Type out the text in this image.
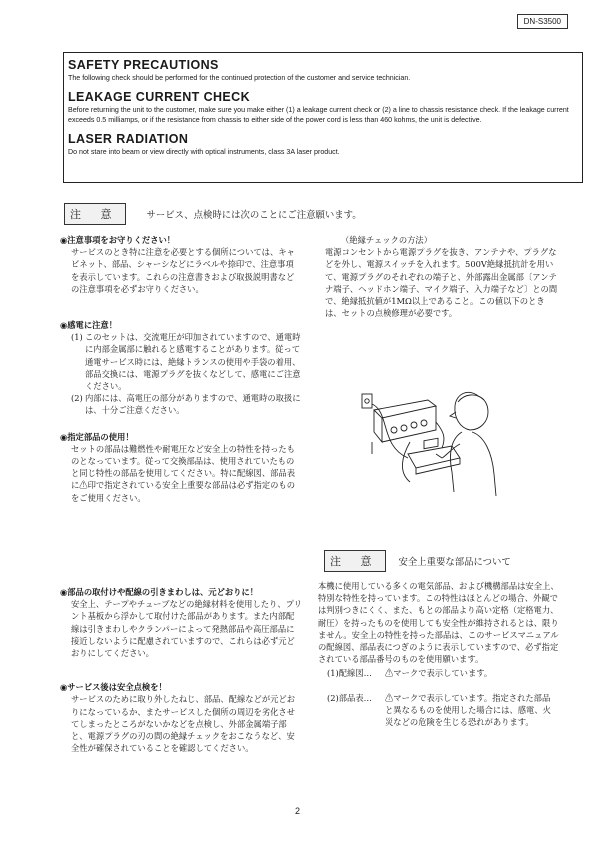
DN-S3500
SAFETY PRECAUTIONS

The following check should be performed for the continued protection of the customer and service technician.

LEAKAGE CURRENT CHECK

Before returning the unit to the customer, make sure you make either (1) a leakage current check or (2) a line to chassis resistance check. If the leakage current exceeds 0.5 milliamps, or if the resistance from chassis to either side of the power cord is less than 460 kohms, the unit is defective.

LASER RADIATION

Do not stare into beam or view directly with optical instruments, class 3A laser product.

注 意	サービス、点検時には次のことにご注意願います。
◉注意事項をお守りください！
サービスのとき特に注意を必要とする個所については、キャビネット、部品、シャーシなどにラベルや捺印で、注意事項を表示しています。これらの注意書きおよび取扱説明書などの注意事項を必ずお守りください。
◉感電に注意！
(1) このセットは、交流電圧が印加されていますので、通電時に内部金属部に触れると感電することがあります。従って通電サービス時には、絶縁トランスの使用や手袋の着用、部品交換には、電源プラグを抜くなどして、感電にご注意ください。
(2) 内部には、高電圧の部分がありますので、通電時の取扱には、十分ご注意ください。
◉指定部品の使用！
セットの部品は難燃性や耐電圧など安全上の特性を持ったものとなっています。従って交換部品は、使用されていたものと同じ特性の部品を使用してください。特に配線図、部品表に⚠印で指定されている安全上重要な部品は必ず指定のものをご使用ください。
◉部品の取付けや配線の引きまわしは、元どおりに！
安全上、テープやチューブなどの絶縁材料を使用したり、プリント基板から浮かして取付けた部品があります。また内部配線は引きまわしやクランパーによって発熱部品や高圧部品に接近しないように配慮されていますので、これらは必ず元どおりにしてください。
◉サービス後は安全点検を！
サービスのために取り外したねじ、部品、配線などが元どおりになっているか、またサービスした個所の周辺を劣化させてしまったところがないかなどを点検し、外部金属端子部と、電源プラグの刃の間の絶縁チェックをおこなうなど、安全性が確保されていることを確認してください。
（絶縁チェックの方法）
電源コンセントから電源プラグを抜き、アンテナや、プラグなどを外し、電源スイッチを入れます。500V絶縁抵抗計を用いて、電源プラグのそれぞれの端子と、外部露出金属部〔アンテナ端子、ヘッドホン端子、マイク端子、入力端子など〕との間で、絶縁抵抗値が1MΩ以上であること。この値以下のときは、セットの点検修理が必要です。
注 意 安全上重要な部品について
本機に使用している多くの電気部品、および機構部品は安全上、特別な特性を持っています。この特性はほとんどの場合、外観では判別つきにくく、また、もとの部品より高い定格（定格電力、耐圧）を持ったものを使用しても安全性が維持されるとは、限りません。安全上の特性を持った部品は、このサービスマニュアルの配線図、部品表につぎのように表示していますので、必ず指定されている部品番号のものを使用願います。
(1)配線図…	⚠マークで表示しています。
(2)部品表…	⚠マークで表示しています。指定された部品と異なるものを使用した場合には、感電、火災などの危険を生じる恐れがあります。
2
